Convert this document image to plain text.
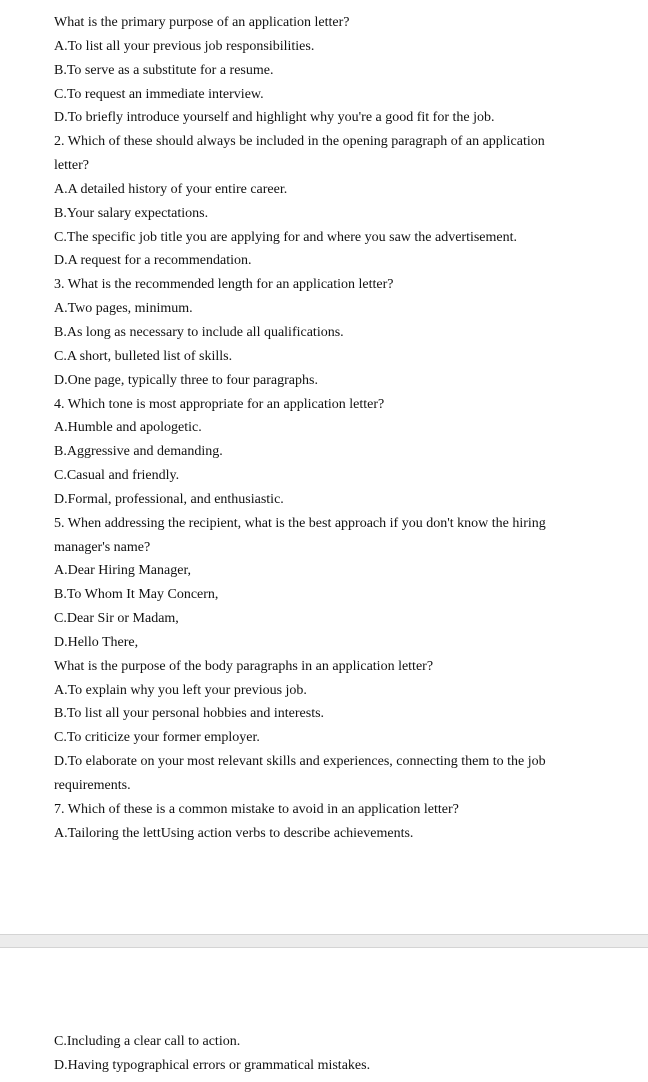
What is the primary purpose of an application letter?
A.To list all your previous job responsibilities.
B.To serve as a substitute for a resume.
C.To request an immediate interview.
D.To briefly introduce yourself and highlight why you're a good fit for the job.
2. Which of these should always be included in the opening paragraph of an application
letter?
A.A detailed history of your entire career.
B.Your salary expectations.
C.The specific job title you are applying for and where you saw the advertisement.
D.A request for a recommendation.
3. What is the recommended length for an application letter?
A.Two pages, minimum.
B.As long as necessary to include all qualifications.
C.A short, bulleted list of skills.
D.One page, typically three to four paragraphs.
4. Which tone is most appropriate for an application letter?
A.Humble and apologetic.
B.Aggressive and demanding.
C.Casual and friendly.
D.Formal, professional, and enthusiastic.
5. When addressing the recipient, what is the best approach if you don't know the hiring
manager's name?
A.Dear Hiring Manager,
B.To Whom It May Concern,
C.Dear Sir or Madam,
D.Hello There,
What is the purpose of the body paragraphs in an application letter?
A.To explain why you left your previous job.
B.To list all your personal hobbies and interests.
C.To criticize your former employer.
D.To elaborate on your most relevant skills and experiences, connecting them to the job
requirements.
7. Which of these is a common mistake to avoid in an application letter?
A.Tailoring the lettUsing action verbs to describe achievements.
C.Including a clear call to action.
D.Having typographical errors or grammatical mistakes.
